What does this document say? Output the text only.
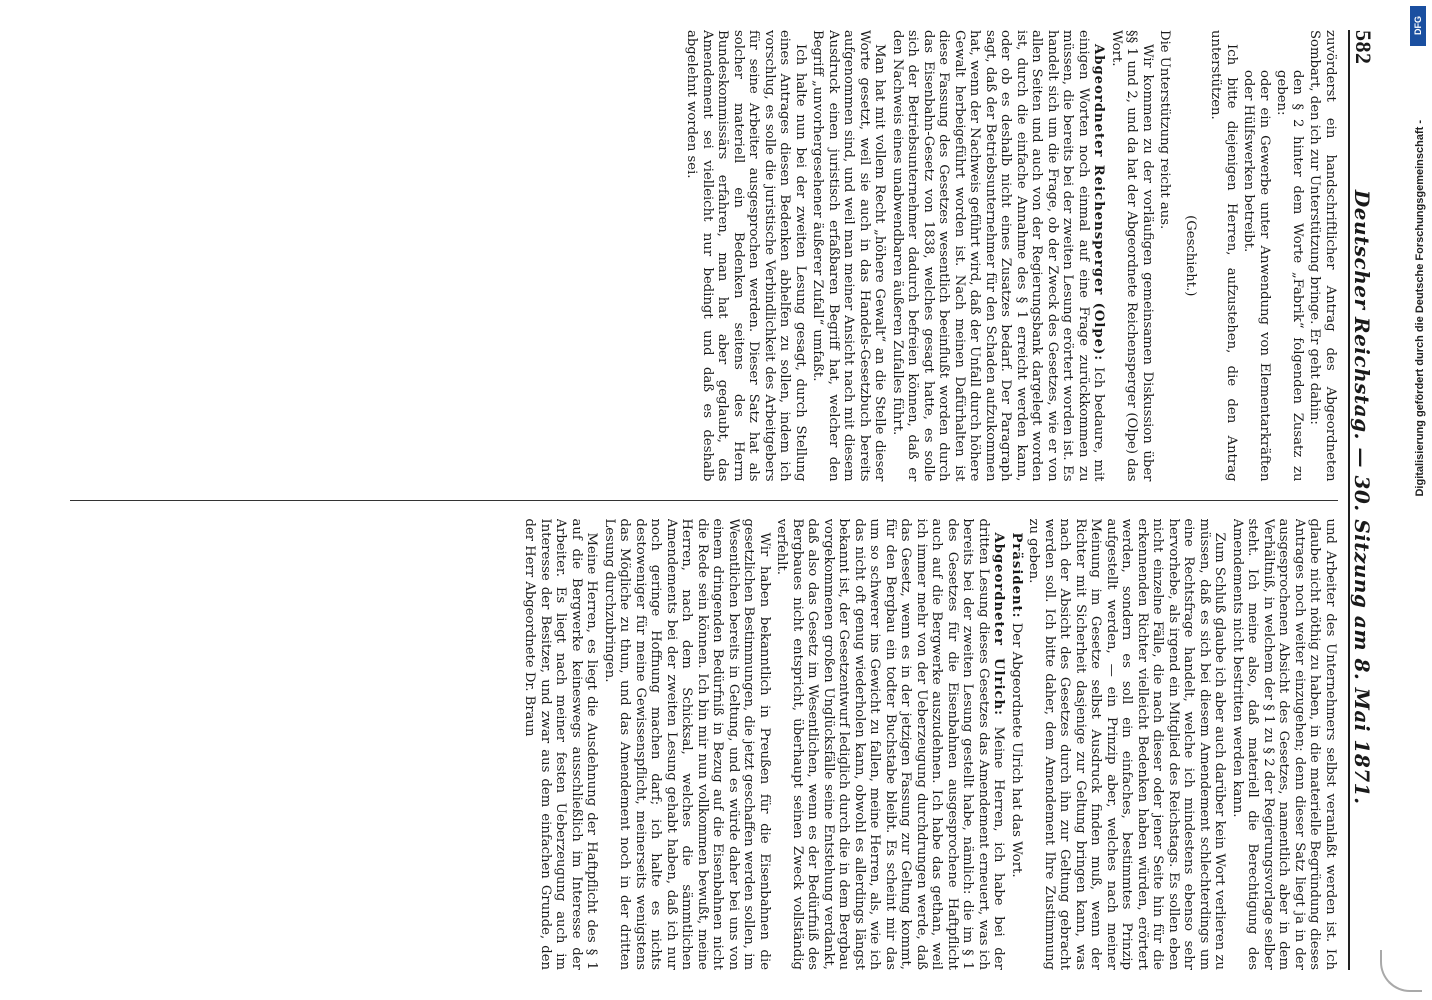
582
Deutscher Reichstag. — 30. Sitzung am 8. Mai 1871.

zuvörderst ein handschriftlicher Antrag des Abgeordneten Sombart, den ich zur Unterstützung bringe. Er geht dahin:

den § 2 hinter dem Worte „Fabrik“ folgenden Zusatz zu geben:

oder ein Gewerbe unter Anwendung von Elementarkräften oder Hülfswerken betreibt.

Ich bitte diejenigen Herren, aufzustehen, die den Antrag unterstützen.

(Geschieht.)

Die Unterstützung reicht aus.

Wir kommen zu der vorläufigen gemeinsamen Diskussion über §§ 1 und 2, und da hat der Abgeordnete Reichensperger (Olpe) das Wort.

Abgeordneter Reichensperger (Olpe): Ich bedaure, mit einigen Worten noch einmal auf eine Frage zurückkommen zu müssen, die bereits bei der zweiten Lesung erörtert worden ist. Es handelt sich um die Frage, ob der Zweck des Gesetzes, wie er von allen Seiten und auch von der Regierungsbank dargelegt worden ist, durch die einfache Annahme des § 1 erreicht werden kann, oder ob es deshalb nicht eines Zusatzes bedarf. Der Paragraph sagt, daß der Betriebsunternehmer für den Schaden aufzukommen hat, wenn der Nachweis geführt wird, daß der Unfall durch höhere Gewalt herbeigeführt worden ist. Nach meinen Dafürhalten ist diese Fassung des Gesetzes wesentlich beeinflußt worden durch das Eisenbahn-Gesetz von 1838, welches gesagt hatte, es solle sich der Betriebsunternehmer dadurch befreien können, daß er den Nachweis eines unabwendbaren äußeren Zufalles führt.

Man hat mit vollem Recht „höhere Gewalt“ an die Stelle dieser Worte gesetzt, weil sie auch in das Handels-Gesetzbuch bereits aufgenommen sind, und weil man meiner Ansicht nach mit diesem Ausdruck einen juristisch erfaßbaren Begriff hat, welcher den Begriff „unvorhergesehener äußerer Zufall“ umfaßt.

Ich halte nun bei der zweiten Lesung gesagt, durch Stellung eines Antrages diesen Bedenken abhelfen zu sollen, indem ich vorschlug, es solle die juristische Verbindlichkeit des Arbeitgebers für seine Arbeiter ausgesprochen werden. Dieser Satz hat als solcher materiell ein Bedenken seitens des Herrn Bundeskommissärs erfahren, man hat aber geglaubt, das Amendement sei vielleicht nur bedingt und daß es deshalb abgelehnt worden sei.

und Arbeiter des Unternehmers selbst veranlaßt werden ist. Ich glaube nicht nöthig zu haben, in die materielle Begründung dieses Antrages noch weiter einzugehen; denn dieser Satz liegt ja in der ausgesprochenen Absicht des Gesetzes, namentlich aber in dem Verhältniß, in welchem der § 1 zu § 2 der Regierungsvorlage selber steht. Ich meine also, daß materiell die Berechtigung des Amendements nicht bestritten werden kann.

Zum Schluß glaube ich aber auch darüber kein Wort verlieren zu müssen, daß es sich bei diesem Amendement schlechterdings um eine Rechtsfrage handelt, welche ich mindestens ebenso sehr hervorhebe, als irgend ein Mitglied des Reichstags. Es sollen eben nicht einzelne Fälle, die nach dieser oder jener Seite hin für die erkennenden Richter vielleicht Bedenken haben würden, erörtert werden, sondern es soll ein einfaches, bestimmtes Prinzip aufgestellt werden, — ein Prinzip aber, welches nach meiner Meinung im Gesetze selbst Ausdruck finden muß, wenn der Richter mit Sicherheit dasjenige zur Geltung bringen kann, was nach der Absicht des Gesetzes durch ihn zur Geltung gebracht werden soll. Ich bitte daher, dem Amendement Ihre Zustimmung zu geben.

Präsident: Der Abgeordnete Ulrich hat das Wort.

Abgeordneter Ulrich: Meine Herren, ich habe bei der dritten Lesung dieses Gesetzes das Amendement erneuert, was ich bereits bei der zweiten Lesung gestellt habe, nämlich: die im § 1 des Gesetzes für die Eisenbahnen ausgesprochene Haftpflicht auch auf die Bergwerke auszudehnen. Ich habe das gethan, weil ich immer mehr von der Ueberzeugung durchdrungen werde, daß das Gesetz, wenn es in der jetzigen Fassung zur Geltung kommt, für den Bergbau ein todter Buchstabe bleibt. Es scheint mir das um so schwerer ins Gewicht zu fallen, meine Herren, als, wie ich das nicht oft genug wiederholen kann, obwohl es allerdings längst bekannt ist, der Gesetzentwurf lediglich durch die in dem Bergbau vorgekommenen großen Unglücksfälle seine Entstehung verdankt, daß also das Gesetz im Wesentlichen, wenn es der Bedürfniß des Bergbaues nicht entspricht, überhaupt seinen Zweck vollständig verfehlt.

Wir haben bekanntlich in Preußen für die Eisenbahnen die gesetzlichen Bestimmungen, die jetzt geschaffen werden sollen, im Wesentlichen bereits in Geltung, und es würde daher bei uns von einem dringenden Bedürfniß in Bezug auf die Eisenbahnen nicht die Rede sein können. Ich bin mir nun vollkommen bewußt, meine Herren, nach dem Schicksal, welches die sämmtlichen Amendements bei der zweiten Lesung gehabt haben, daß ich nur noch geringe Hoffnung machen darf; ich halte es nichts destoweniger für meine Gewissenspflicht, meinerseits wenigstens das Mögliche zu thun, und das Amendement noch in der dritten Lesung durchzubringen.

Meine Herren, es liegt die Ausdehnung der Haftpflicht des § 1 auf die Bergwerke keineswegs ausschließlich im Interesse der Arbeiter. Es liegt nach meiner festen Ueberzeugung auch im Interesse der Besitzer, und zwar aus dem einfachen Grunde, den der Herr Abgeordnete Dr. Braun

DFG
Digitalisierung gefördert durch die Deutsche Forschungsgemeinschaft -
